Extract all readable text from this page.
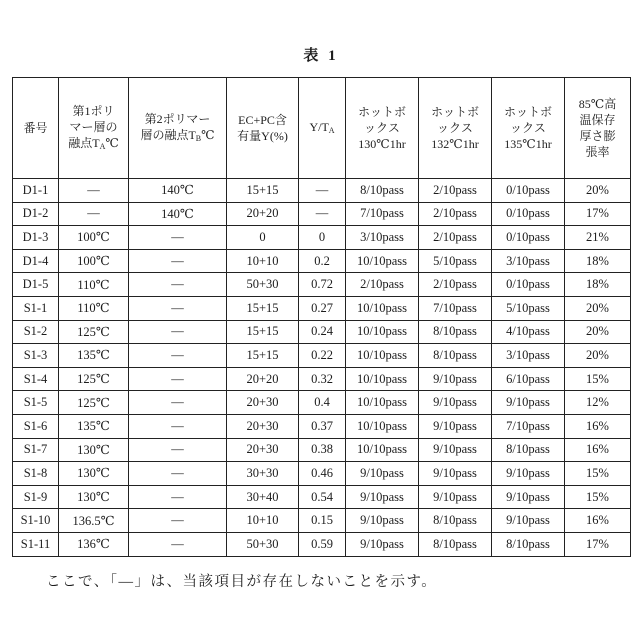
表 1
番号	第1ポリ
マー層の
融点$T_A℃$	第2ポリマー
層の融点$T_B℃$	EC+PC含
有量Y(%)	$Y/T_A$	ホットボ
ックス
130℃1hr	ホットボ
ックス
132℃1hr	ホットボ
ックス
135℃1hr	85℃高
温保存
厚さ膨
張率
D1-1	—	140℃	15+15	—	8/10pass	2/10pass	0/10pass	20%
D1-2	—	140℃	20+20	—	7/10pass	2/10pass	0/10pass	17%
D1-3	100℃	—	0	0	3/10pass	2/10pass	0/10pass	21%
D1-4	100℃	—	10+10	0.2	10/10pass	5/10pass	3/10pass	18%
D1-5	110℃	—	50+30	0.72	2/10pass	2/10pass	0/10pass	18%
S1-1	110℃	—	15+15	0.27	10/10pass	7/10pass	5/10pass	20%
S1-2	125℃	—	15+15	0.24	10/10pass	8/10pass	4/10pass	20%
S1-3	135℃	—	15+15	0.22	10/10pass	8/10pass	3/10pass	20%
S1-4	125℃	—	20+20	0.32	10/10pass	9/10pass	6/10pass	15%
S1-5	125℃	—	20+30	0.4	10/10pass	9/10pass	9/10pass	12%
S1-6	135℃	—	20+30	0.37	10/10pass	9/10pass	7/10pass	16%
S1-7	130℃	—	20+30	0.38	10/10pass	9/10pass	8/10pass	16%
S1-8	130℃	—	30+30	0.46	9/10pass	9/10pass	9/10pass	15%
S1-9	130℃	—	30+40	0.54	9/10pass	9/10pass	9/10pass	15%
S1-10	136.5℃	—	10+10	0.15	9/10pass	8/10pass	9/10pass	16%
S1-11	136℃	—	50+30	0.59	9/10pass	8/10pass	8/10pass	17%
ここで、「—」は、当該項目が存在しないことを示す。
